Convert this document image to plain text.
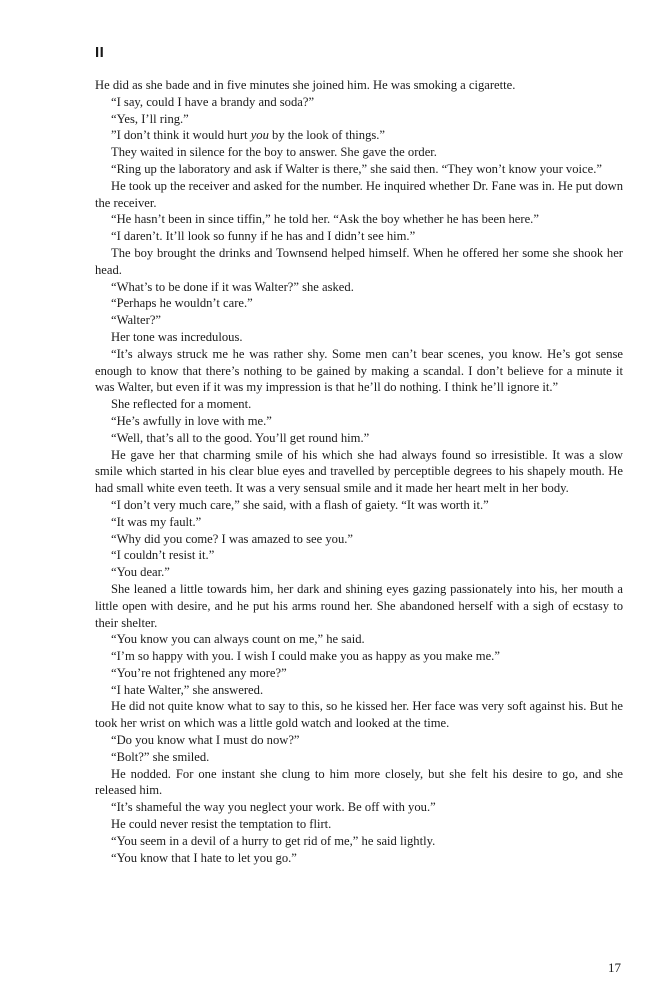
II

He did as she bade and in five minutes she joined him. He was smoking a cigarette.

“I say, could I have a brandy and soda?”

“Yes, I’ll ring.”

”I don’t think it would hurt you by the look of things.”

They waited in silence for the boy to answer. She gave the order.

“Ring up the laboratory and ask if Walter is there,” she said then. “They won’t know your voice.”

He took up the receiver and asked for the number. He inquired whether Dr. Fane was in. He put down the receiver.

“He hasn’t been in since tiffin,” he told her. “Ask the boy whether he has been here.”

“I daren’t. It’ll look so funny if he has and I didn’t see him.”

The boy brought the drinks and Townsend helped himself. When he offered her some she shook her head.

“What’s to be done if it was Walter?” she asked.

“Perhaps he wouldn’t care.”

“Walter?”

Her tone was incredulous.

“It’s always struck me he was rather shy. Some men can’t bear scenes, you know. He’s got sense enough to know that there’s nothing to be gained by making a scandal. I don’t believe for a minute it was Walter, but even if it was my impression is that he’ll do nothing. I think he’ll ignore it.”

She reflected for a moment.

“He’s awfully in love with me.”

“Well, that’s all to the good. You’ll get round him.”

He gave her that charming smile of his which she had always found so irresistible. It was a slow smile which started in his clear blue eyes and travelled by perceptible degrees to his shapely mouth. He had small white even teeth. It was a very sensual smile and it made her heart melt in her body.

“I don’t very much care,” she said, with a flash of gaiety. “It was worth it.”

“It was my fault.”

“Why did you come? I was amazed to see you.”

“I couldn’t resist it.”

“You dear.”

She leaned a little towards him, her dark and shining eyes gazing passionately into his, her mouth a little open with desire, and he put his arms round her. She abandoned herself with a sigh of ecstasy to their shelter.

“You know you can always count on me,” he said.

“I’m so happy with you. I wish I could make you as happy as you make me.”

“You’re not frightened any more?”

“I hate Walter,” she answered.

He did not quite know what to say to this, so he kissed her. Her face was very soft against his. But he took her wrist on which was a little gold watch and looked at the time.

“Do you know what I must do now?”

“Bolt?” she smiled.

He nodded. For one instant she clung to him more closely, but she felt his desire to go, and she released him.

“It’s shameful the way you neglect your work. Be off with you.”

He could never resist the temptation to flirt.

“You seem in a devil of a hurry to get rid of me,” he said lightly.

“You know that I hate to let you go.”

17
